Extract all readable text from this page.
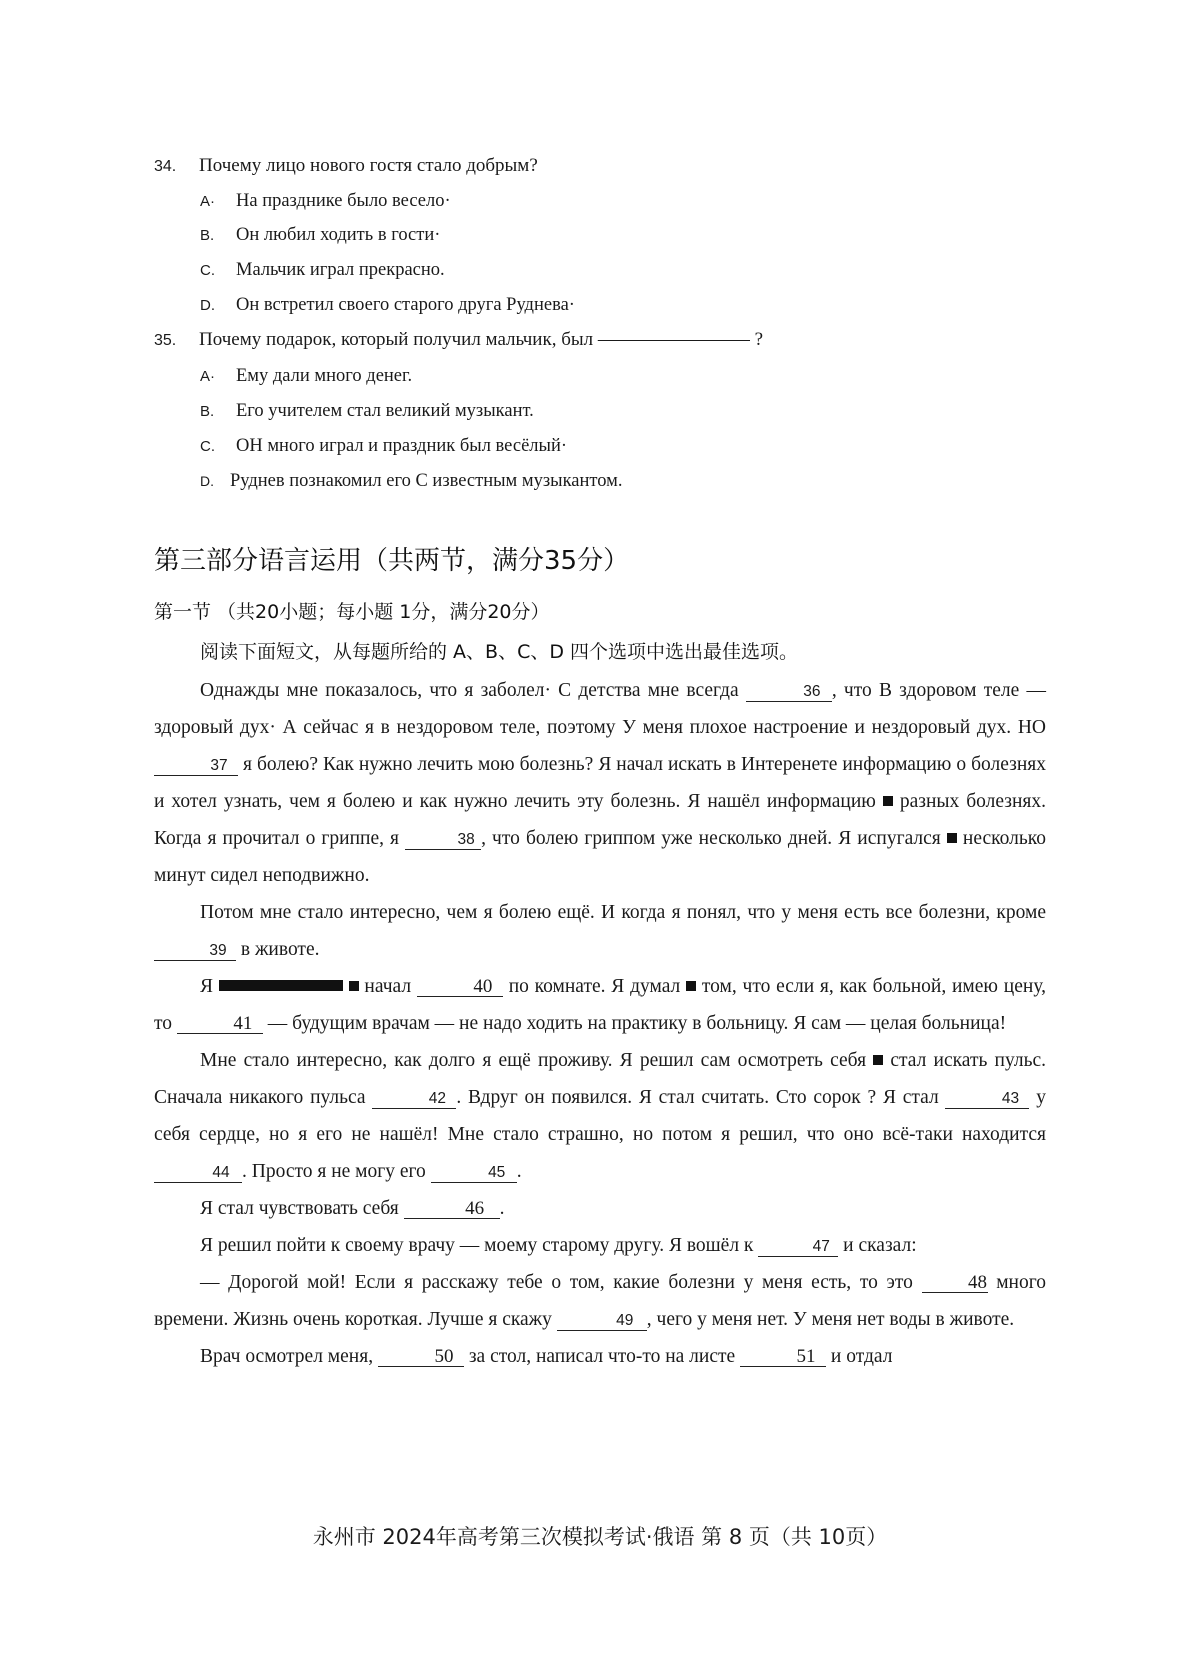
34. Почему лицо нового гостя стало добрым?
A· На празднике было весело·
B. Он любил ходить в гости·
C. Мальчик играл прекрасно.
D. Он встретил своего старого друга Руднева·
35. Почему подарок, который получил мальчик, был ———————— ?
A· Ему дали много денег.
B. Его учителем стал великий музыкант.
C. ОН много играл и праздник был весёлый·
D. Руднев познакомил его С известным музыкантом.
第三部分语言运用（共两节，满分35分）
第一节 （共20小题；每小题 1分，满分20分）
阅读下面短文，从每题所给的 A、B、C、D 四个选项中选出最佳选项。

Однажды мне показалось, что я заболел· С детства мне всегда	36 , что В здоровом теле — здоровый дух· А сейчас я в нездоровом теле, поэтому У меня плохое настроение и нездоровый дух. НО 37 я болею? Как нужно лечить мою болезнь? Я начал искать в Интеренете информацию о болезнях и хотел узнать, чем я болею и как нужно лечить эту болезнь. Я нашёл информацию  разных болезнях. Когда я прочитал о гриппе, я	38 , что болею гриппом уже несколько дней. Я испугался  несколько минут сидел неподвижно.

Потом мне стало интересно, чем я болею ещё. И когда я понял, что у меня есть все болезни, кроме 39 в животе.

Я	начал	40 по комнате. Я думал  том, что если я, как больной, имею цену, то	41 — будущим врачам — не надо ходить на практику в больницу. Я сам — целая больница!

Мне стало интересно, как долго я ещё проживу. Я решил сам осмотреть себя  стал искать пульс. Сначала никакого пульса	42 . Вдруг он появился. Я стал считать. Сто сорок ? Я стал	43 у себя сердце, но я его не нашёл! Мне стало страшно, но потом я решил, что оно всё-таки находится 44 . Просто я не могу его	45 .

Я стал чувствовать себя	46 .

Я решил пойти к своему врачу — моему старому другу. Я вошёл к	47 и сказал:

— Дорогой мой! Если я расскажу тебе о том, какие болезни у меня есть, то это 48 много времени. Жизнь очень короткая. Лучше я скажу	49 , чего у меня нет. У меня нет воды в животе.

Врач осмотрел меня,	50 за стол, написал что-то на листе	51 и отдал

永州市 2024年高考第三次模拟考试·俄语 第 8 页（共 10页）
